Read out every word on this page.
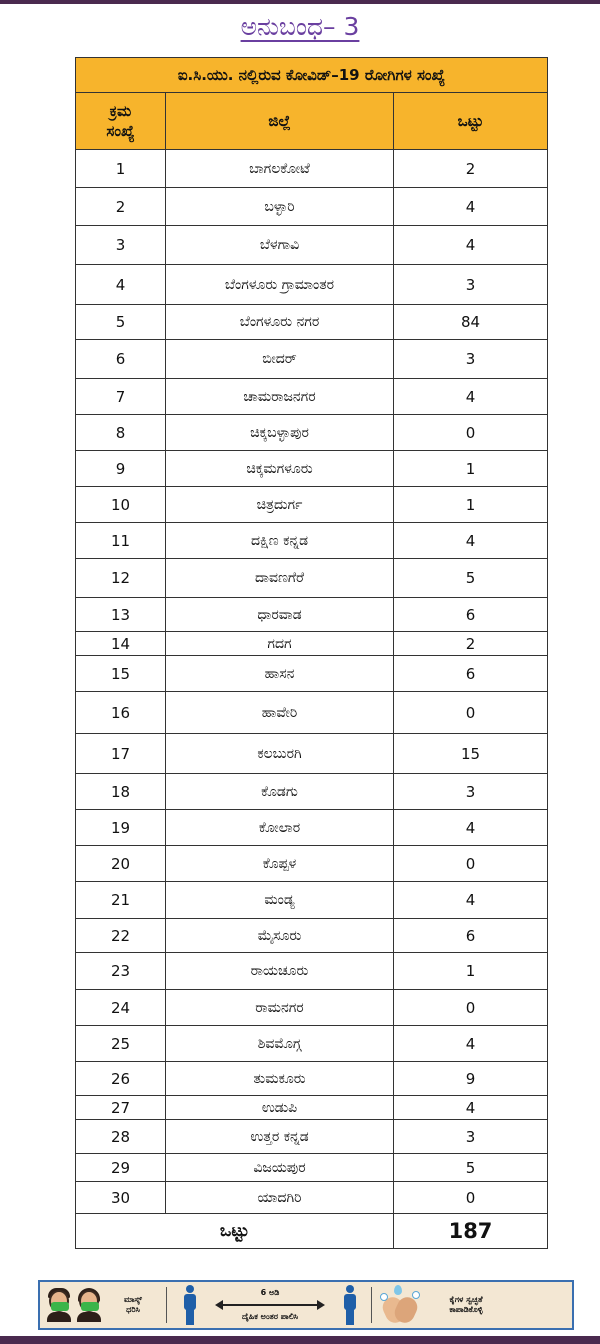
ಅನುಬಂಧ– 3
ಐ.ಸಿ.ಯು. ನಲ್ಲಿರುವ ಕೋವಿಡ್–19 ರೋಗಿಗಳ ಸಂಖ್ಯೆ		

ಕ್ರಮ
ಸಂಖ್ಯೆ	ಜಿಲ್ಲೆ	ಒಟ್ಟು
1	ಬಾಗಲಕೋಟೆ	2
2	ಬಳ್ಳಾರಿ	4
3	ಬೆಳಗಾವಿ	4
4	ಬೆಂಗಳೂರು ಗ್ರಾಮಾಂತರ	3
5	ಬೆಂಗಳೂರು ನಗರ	84
6	ಬೀದರ್	3
7	ಚಾಮರಾಜನಗರ	4
8	ಚಿಕ್ಕಬಳ್ಳಾಪುರ	0
9	ಚಿಕ್ಕಮಗಳೂರು	1
10	ಚಿತ್ರದುರ್ಗ	1
11	ದಕ್ಷಿಣ ಕನ್ನಡ	4
12	ದಾವಣಗೆರೆ	5
13	ಧಾರವಾಡ	6
14	ಗದಗ	2
15	ಹಾಸನ	6
16	ಹಾವೇರಿ	0
17	ಕಲಬುರಗಿ	15
18	ಕೊಡಗು	3
19	ಕೋಲಾರ	4
20	ಕೊಪ್ಪಳ	0
21	ಮಂಡ್ಯ	4
22	ಮೈಸೂರು	6
23	ರಾಯಚೂರು	1
24	ರಾಮನಗರ	0
25	ಶಿವಮೊಗ್ಗ	4
26	ತುಮಕೂರು	9
27	ಉಡುಪಿ	4
28	ಉತ್ತರ ಕನ್ನಡ	3
29	ವಿಜಯಪುರ	5
30	ಯಾದಗಿರಿ	0
ಒಟ್ಟು		187
ಮಾಸ್ಕ್
ಧರಿಸಿ
6 ಅಡಿ
ದೈಹಿಕ ಅಂತರ ಪಾಲಿಸಿ
ಕೈಗಳ ಸ್ವಚ್ಛತೆ
ಕಾಪಾಡಿಕೊಳ್ಳಿ
